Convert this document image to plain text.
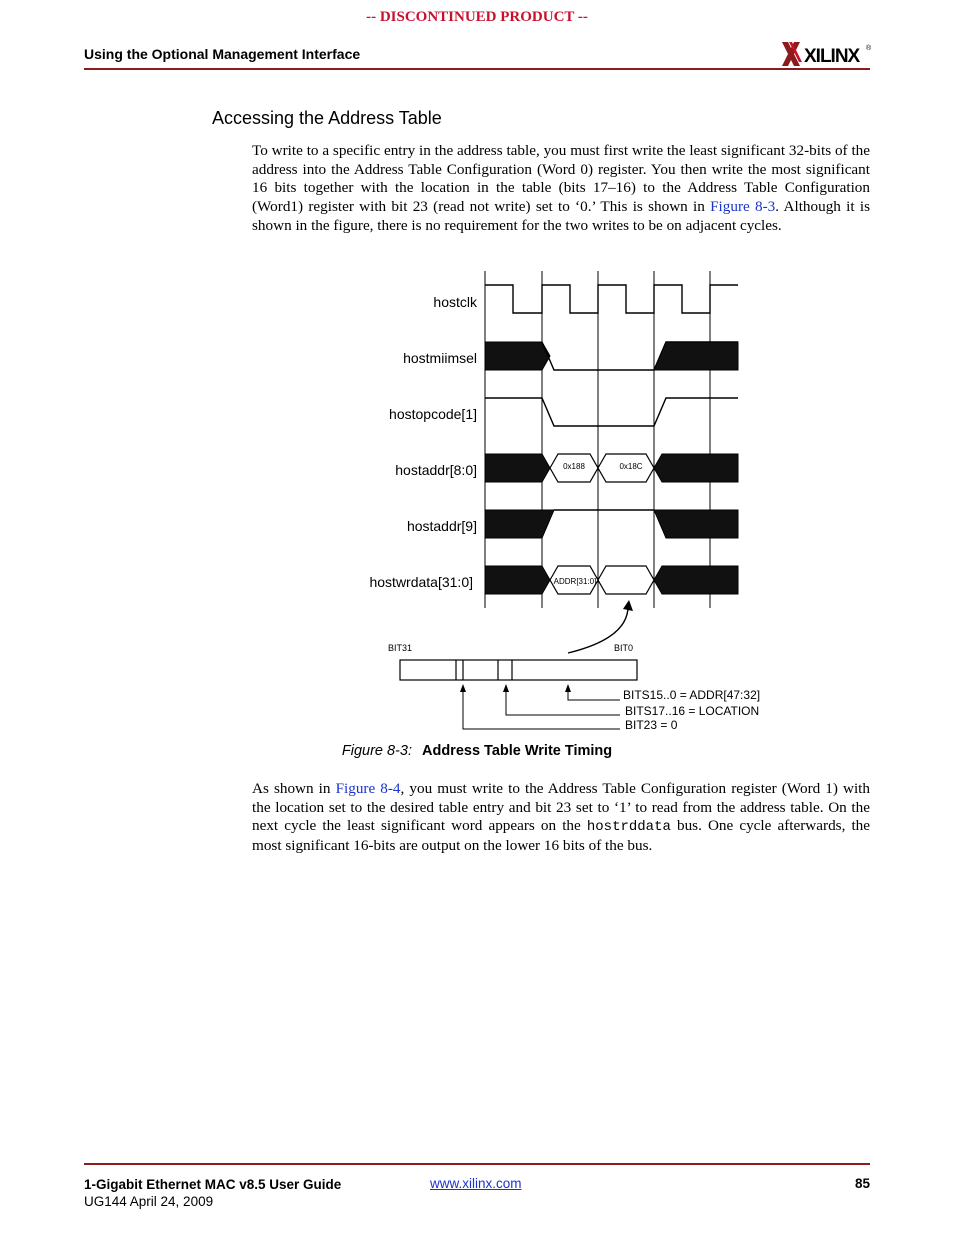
-- DISCONTINUED PRODUCT --
Using the Optional Management Interface	XILINX ®
Accessing the Address Table
To write to a specific entry in the address table, you must first write the least significant 32-bits of the address into the Address Table Configuration (Word 0) register. You then write the most significant 16 bits together with the location in the table (bits 17–16) to the Address Table Configuration (Word1) register with bit 23 (read not write) set to ‘0.’ This is shown in Figure 8-3. Although it is shown in the figure, there is no requirement for the two writes to be on adjacent cycles.
hostclk
hostmiimsel
hostopcode[1]
hostaddr[8:0]
hostaddr[9]
hostwrdata[31:0]
0x188	0x18C
ADDR[31:0]
BIT31	BIT0
BITS15..0 = ADDR[47:32]
BITS17..16 = LOCATION
BIT23 = 0
Figure 8-3: Address Table Write Timing
As shown in Figure 8-4, you must write to the Address Table Configuration register (Word 1) with the location set to the desired table entry and bit 23 set to ‘1’ to read from the address table. On the next cycle the least significant word appears on the hostrddata bus. One cycle afterwards, the most significant 16-bits are output on the lower 16 bits of the bus.
1-Gigabit Ethernet MAC v8.5 User Guide
UG144 April 24, 2009
www.xilinx.com	85
